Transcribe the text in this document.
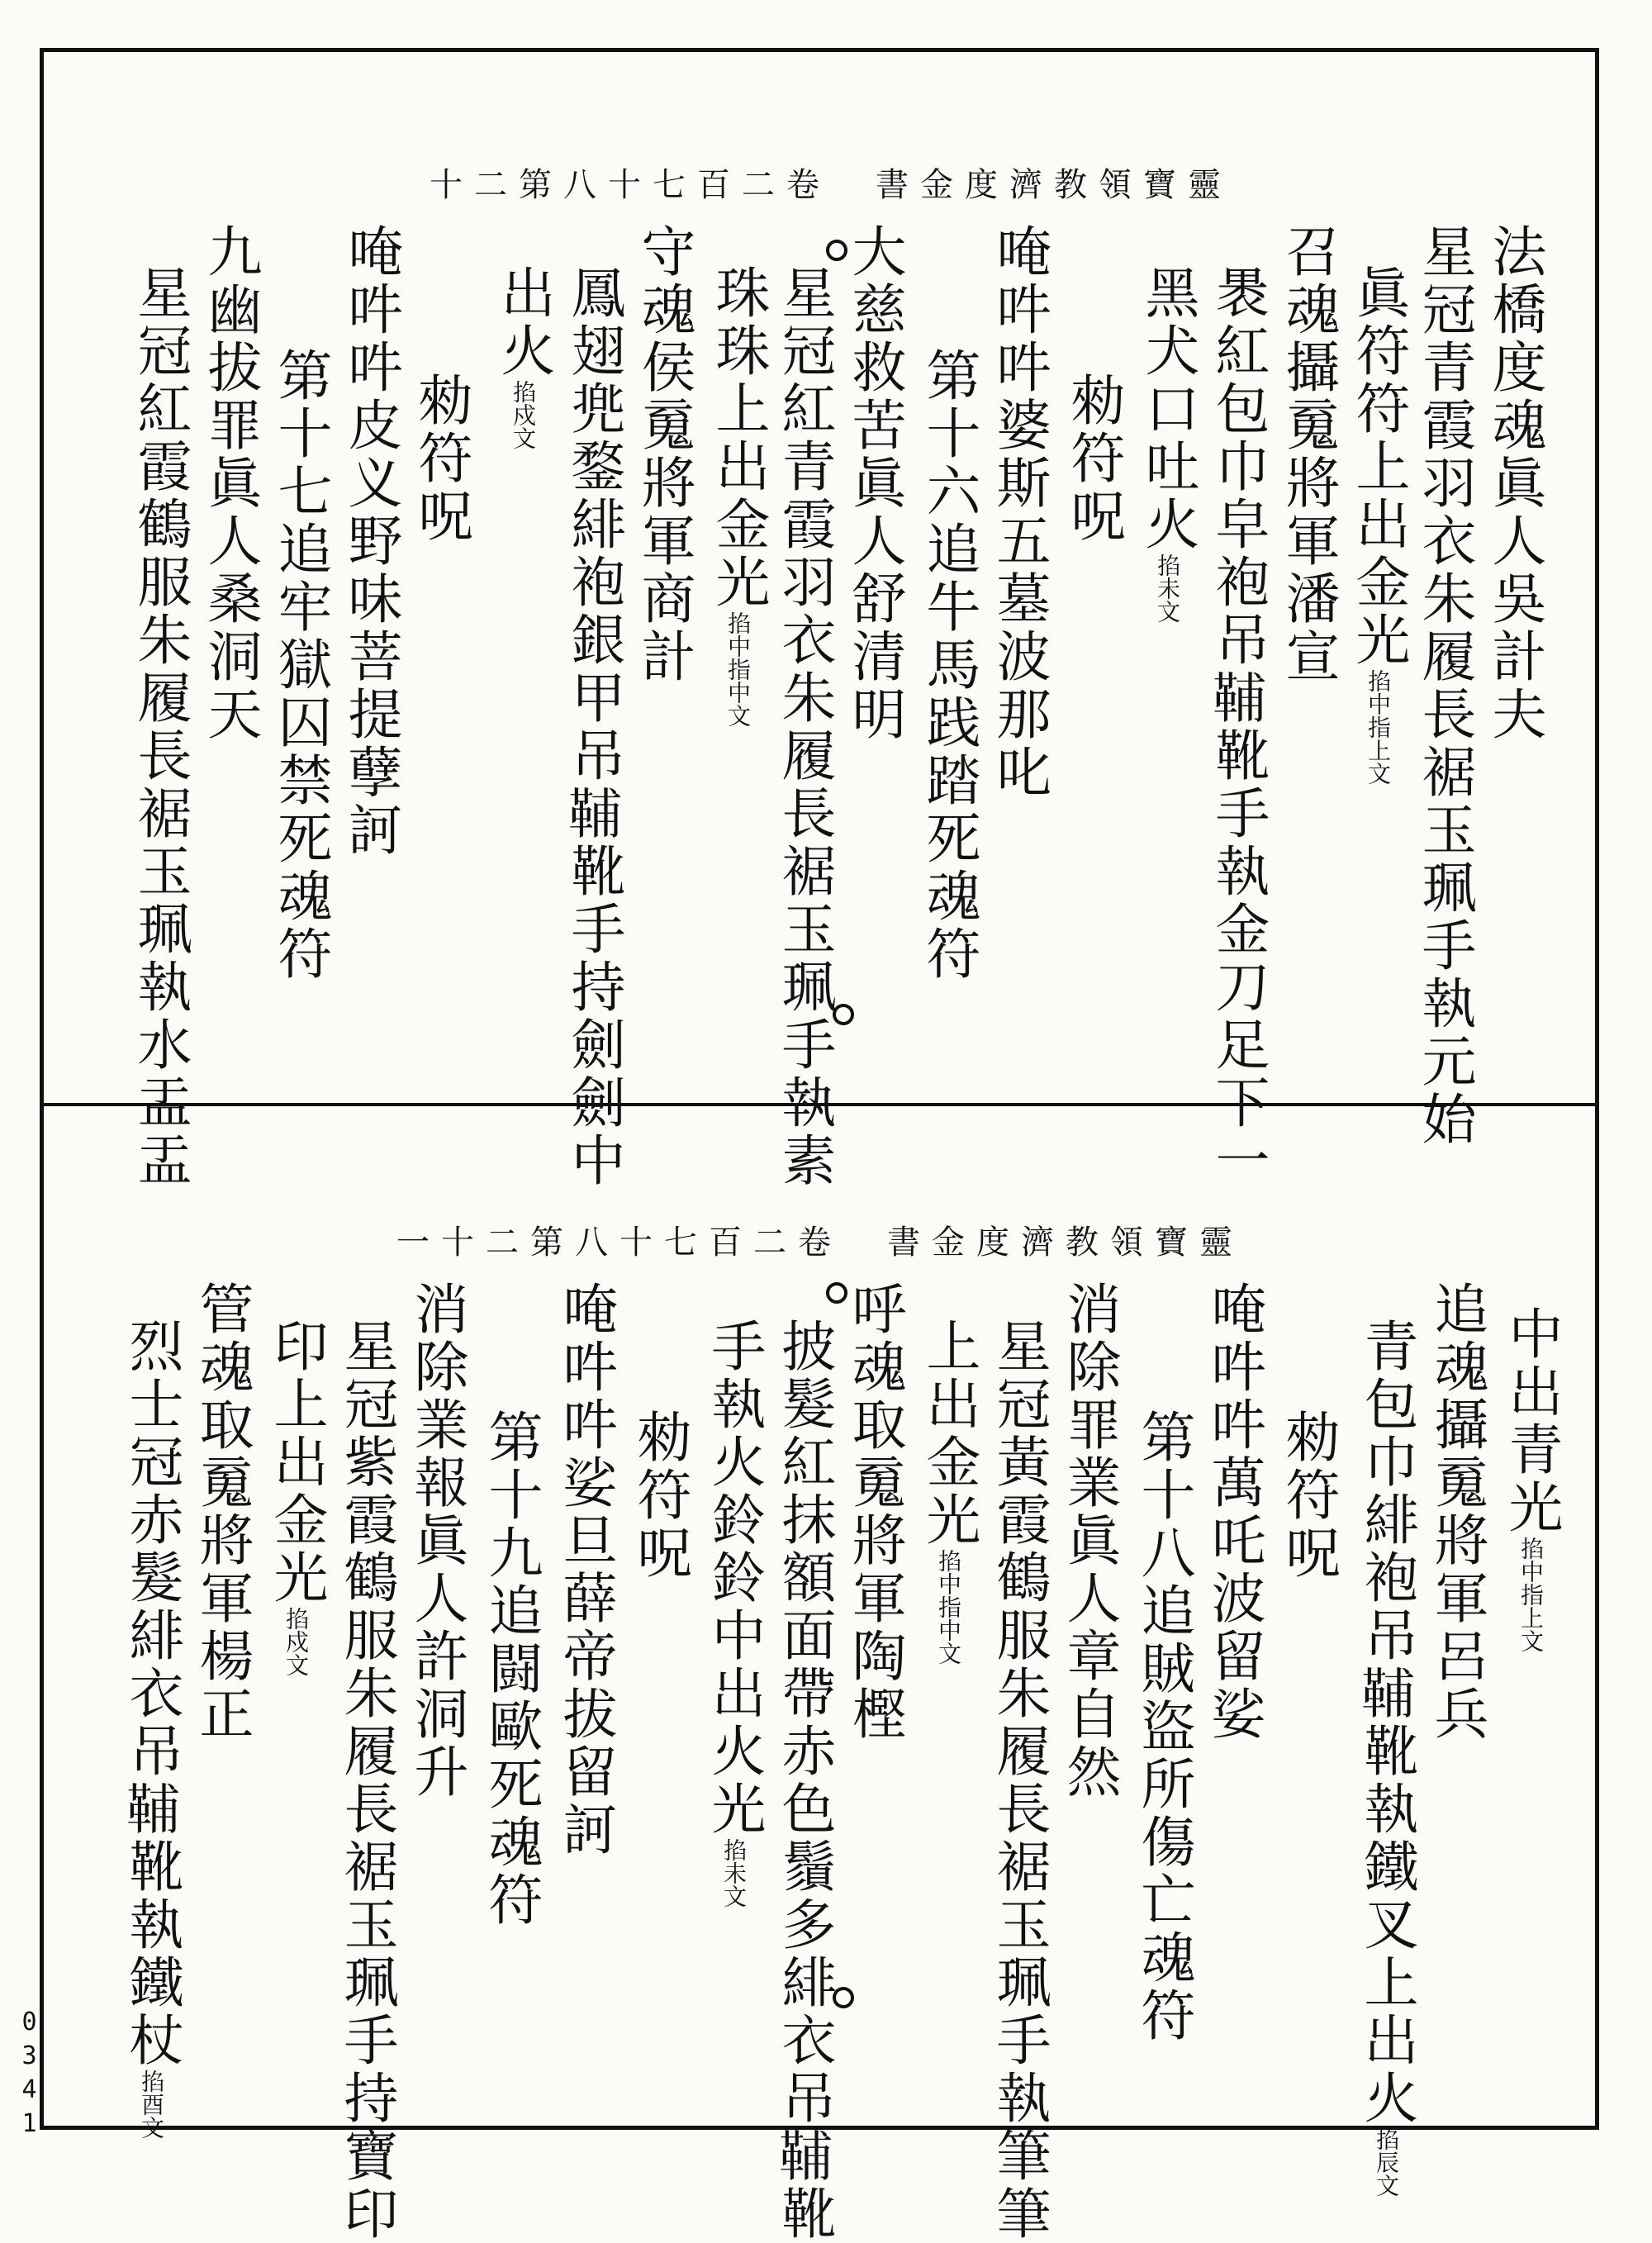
靈寶領教濟度金書　卷二百七十八第二十
靈寶領教濟度金書　卷二百七十八第二十一
法橋度魂眞人吳計夫
星冠青霞羽衣朱履長裾玉珮手執元始
眞符符上出金光掐中指上文
召魂攝䰟將軍潘宣
褁紅包巾皁袍吊𩊬靴手執金刀足下一
黑犬口吐火掐未文
勑符呪
唵吽吽婆斯五墓波那叱
第十六追牛馬践踏死魂符
大慈救苦眞人舒清明
星冠紅青霞羽衣朱履長裾玉珮手執素
珠珠上出金光掐中指中文
守魂侯䰟將軍商計
鳳翅兠鍪緋袍銀甲吊𩊬靴手持劍劍中
出火掐戍文
勑符呪
唵吽吽皮义野味菩提孽訶
第十七追牢獄囚禁死魂符
九幽拔罪眞人桑洞天
星冠紅霞鶴服朱履長裾玉珮執水盂盂
中出青光掐中指上文
追魂攝䰟將軍呂兵
青包巾緋袍吊𩊬靴執鐵叉上出火掐辰文
勑符呪
唵吽吽萬吒波留娑
第十八追賊盜所傷亡魂符
消除罪業眞人章自然
星冠黃霞鶴服朱履長裾玉珮手執筆筆
上出金光掐中指中文
呼魂取䰟將軍陶樫
披髮紅抹額面帶赤色鬚多緋衣吊𩊬靴
手執火鈴鈴中出火光掐未文
勑符呪
唵吽吽娑旦薛帝拔留訶
第十九追闘歐死魂符
消除業報眞人許洞升
星冠紫霞鶴服朱履長裾玉珮手持寶印
印上出金光掐戍文
管魂取䰟將軍楊正
烈士冠赤髮緋衣吊𩊬靴執鐵杖掐酉文
0341
